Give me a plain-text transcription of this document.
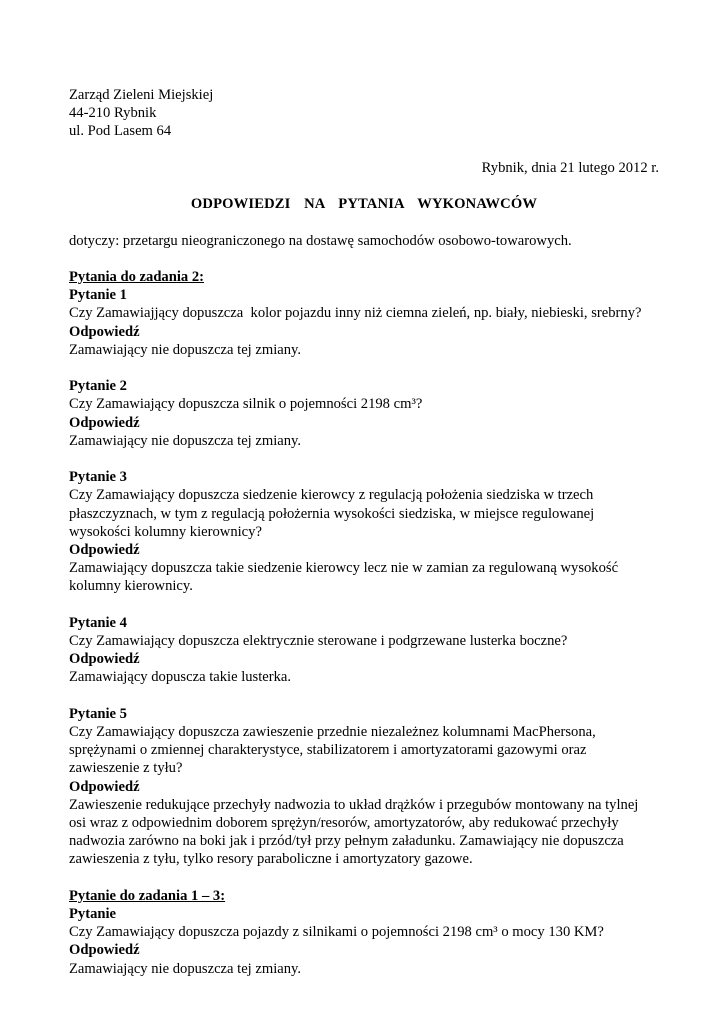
Zarząd Zieleni Miejskiej
44-210 Rybnik
ul. Pod Lasem 64
Rybnik, dnia 21 lutego 2012 r.
ODPOWIEDZI  NA  PYTANIA  WYKONAWCÓW
dotyczy: przetargu nieograniczonego na dostawę samochodów osobowo-towarowych.
Pytania do zadania 2:
Pytanie 1
Czy Zamawiajjący dopuszcza  kolor pojazdu inny niż ciemna zieleń, np. biały, niebieski, srebrny?
Odpowiedź
Zamawiający nie dopuszcza tej zmiany.
Pytanie 2
Czy Zamawiający dopuszcza silnik o pojemności 2198 cm³?
Odpowiedź
Zamawiający nie dopuszcza tej zmiany.
Pytanie 3
Czy Zamawiający dopuszcza siedzenie kierowcy z regulacją położenia siedziska w trzech płaszczyznach, w tym z regulacją położernia wysokości siedziska, w miejsce regulowanej wysokości kolumny kierownicy?
Odpowiedź
Zamawiający dopuszcza takie siedzenie kierowcy lecz nie w zamian za regulowaną wysokość kolumny kierownicy.
Pytanie 4
Czy Zamawiający dopuszcza elektrycznie sterowane i podgrzewane lusterka boczne?
Odpowiedź
Zamawiający dopuscza takie lusterka.
Pytanie 5
Czy Zamawiający dopuszcza zawieszenie przednie niezależnez kolumnami MacPhersona, sprężynami o zmiennej charakterystyce, stabilizatorem i amortyzatorami gazowymi oraz zawieszenie z tyłu?
Odpowiedź
Zawieszenie redukujące przechyły nadwozia to układ drążków i przegubów montowany na tylnej osi wraz z odpowiednim doborem sprężyn/resorów, amortyzatorów, aby redukować przechyły nadwozia zarówno na boki jak i przód/tył przy pełnym załadunku. Zamawiający nie dopuszcza zawieszenia z tyłu, tylko resory paraboliczne i amortyzatory gazowe.
Pytanie do zadania 1 – 3:
Pytanie
Czy Zamawiający dopuszcza pojazdy z silnikami o pojemności 2198 cm³ o mocy 130 KM?
Odpowiedź
Zamawiający nie dopuszcza tej zmiany.
